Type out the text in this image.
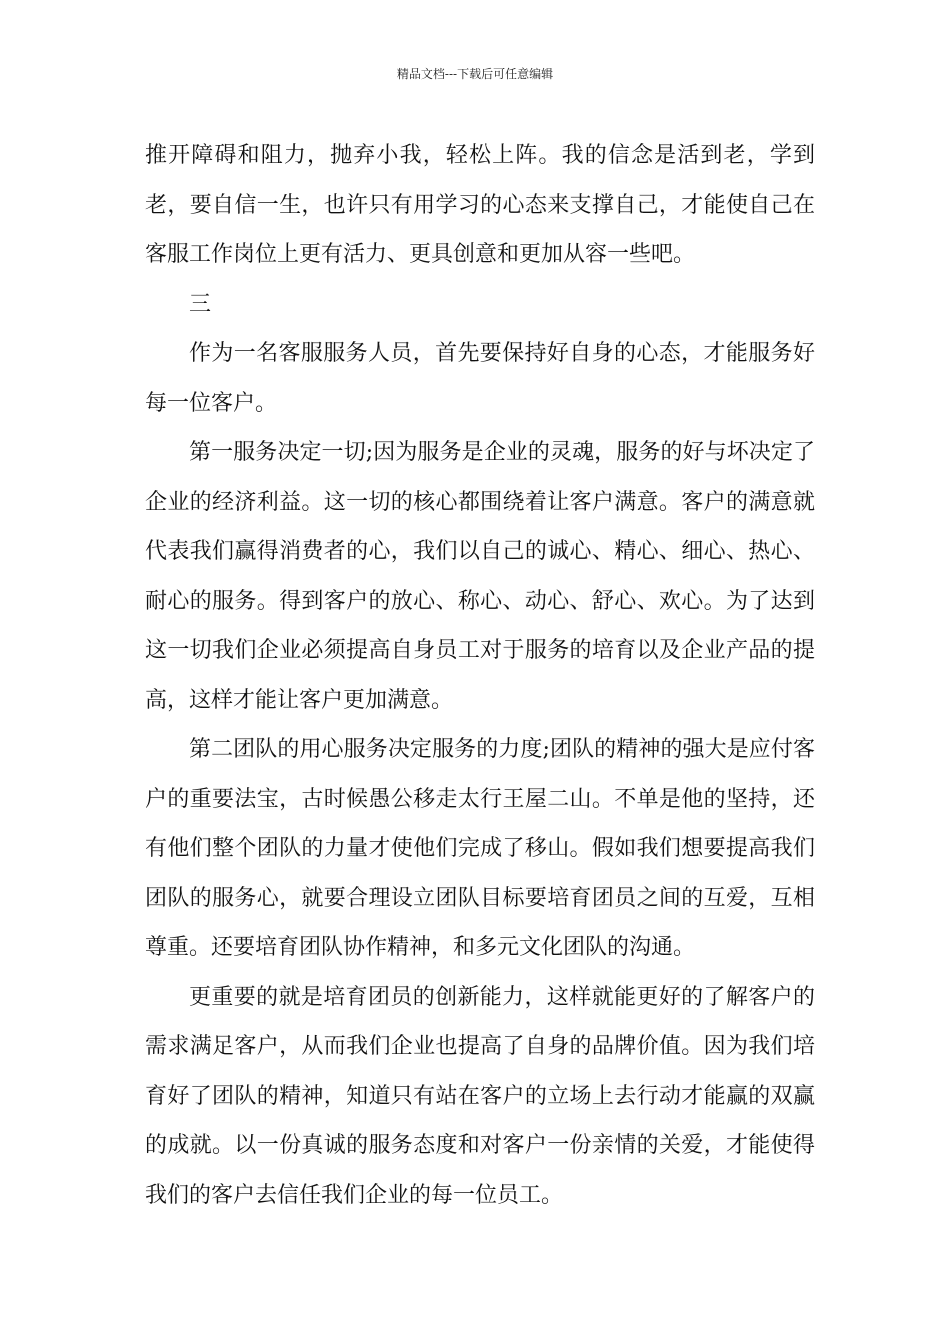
精品文档---下载后可任意编辑

推开障碍和阻力，抛弃小我，轻松上阵。我的信念是活到老，学到老，要自信一生，也许只有用学习的心态来支撑自己，才能使自己在客服工作岗位上更有活力、更具创意和更加从容一些吧。

三

作为一名客服服务人员，首先要保持好自身的心态，才能服务好每一位客户。

第一服务决定一切;因为服务是企业的灵魂，服务的好与坏决定了企业的经济利益。这一切的核心都围绕着让客户满意。客户的满意就代表我们赢得消费者的心，我们以自己的诚心、精心、细心、热心、耐心的服务。得到客户的放心、称心、动心、舒心、欢心。为了达到这一切我们企业必须提高自身员工对于服务的培育以及企业产品的提高，这样才能让客户更加满意。

第二团队的用心服务决定服务的力度;团队的精神的强大是应付客户的重要法宝，古时候愚公移走太行王屋二山。不单是他的坚持，还有他们整个团队的力量才使他们完成了移山。假如我们想要提高我们团队的服务心，就要合理设立团队目标要培育团员之间的互爱，互相尊重。还要培育团队协作精神，和多元文化团队的沟通。

更重要的就是培育团员的创新能力，这样就能更好的了解客户的需求满足客户，从而我们企业也提高了自身的品牌价值。因为我们培育好了团队的精神，知道只有站在客户的立场上去行动才能赢的双赢的成就。以一份真诚的服务态度和对客户一份亲情的关爱，才能使得我们的客户去信任我们企业的每一位员工。
